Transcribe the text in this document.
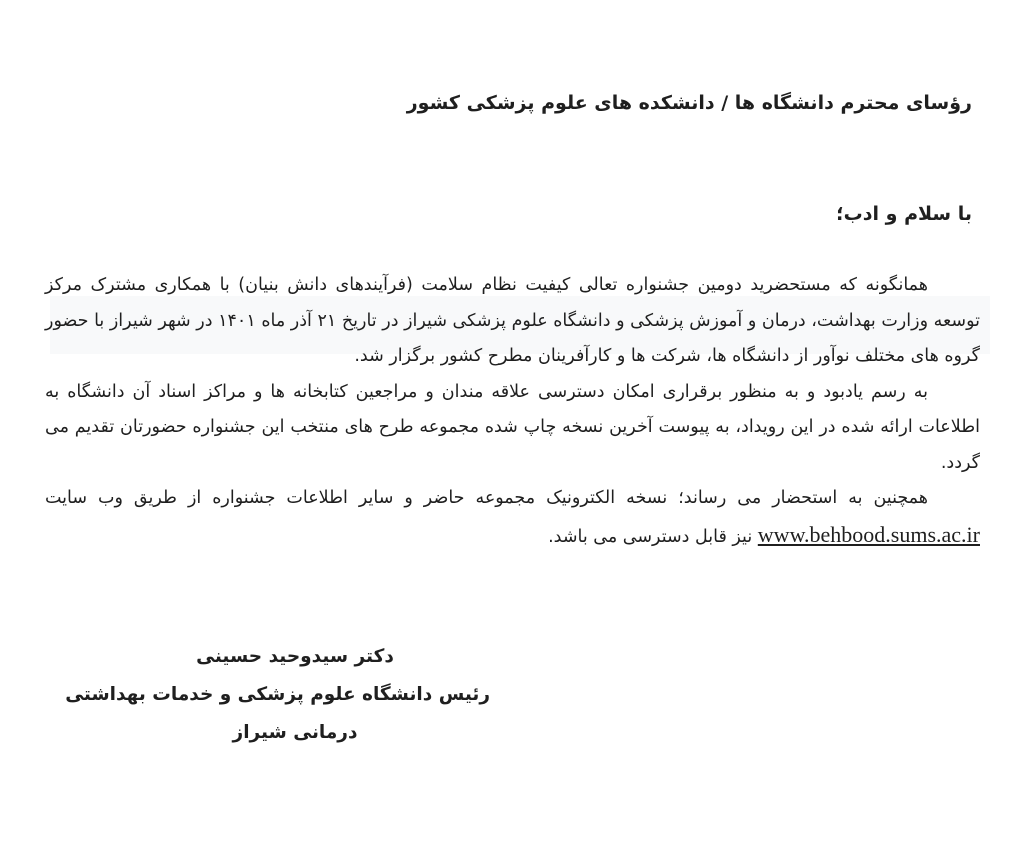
رؤسای محترم دانشگاه ها / دانشکده های علوم پزشکی کشور
با سلام و ادب؛

همانگونه که مستحضرید دومین جشنواره تعالی کیفیت نظام سلامت (فرآیندهای دانش بنیان) با همکاری مشترک مرکز توسعه وزارت بهداشت، درمان و آموزش پزشکی و دانشگاه علوم پزشکی شیراز در تاریخ ۲۱ آذر ماه ۱۴۰۱ در شهر شیراز با حضور گروه های مختلف نوآور از دانشگاه ها، شرکت ها و کارآفرینان مطرح کشور برگزار شد.

به رسم یادبود و به منظور برقراری امکان دسترسی علاقه مندان و مراجعین کتابخانه ها و مراکز اسناد آن دانشگاه به اطلاعات ارائه شده در این رویداد، به پیوست آخرین نسخه چاپ شده مجموعه طرح های منتخب این جشنواره حضورتان تقدیم می گردد.

همچنین به استحضار می رساند؛ نسخه الکترونیک مجموعه حاضر و سایر اطلاعات جشنواره از طریق وب سایت www.behbood.sums.ac.ir نیز قابل دسترسی می باشد.

دکتر سیدوحید حسینی
رئیس دانشگاه علوم پزشکی و خدمات بهداشتی
درمانی شیراز
